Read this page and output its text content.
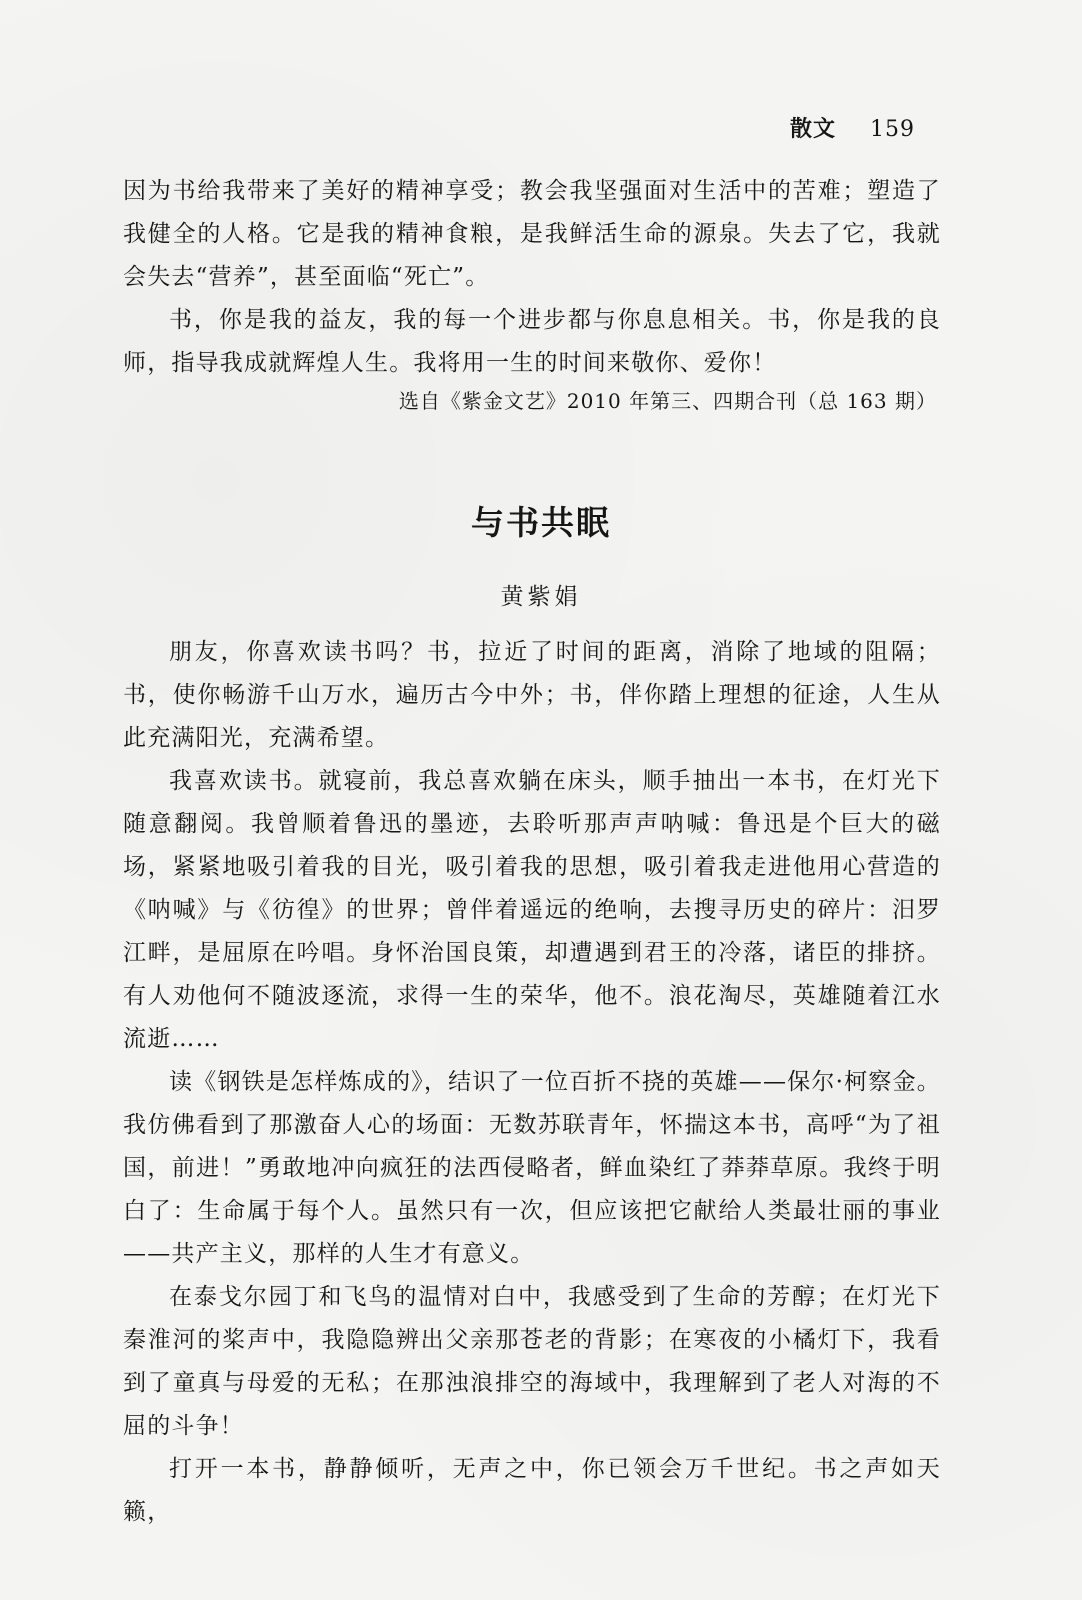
散文 159

因为书给我带来了美好的精神享受；教会我坚强面对生活中的苦难；塑造了我健全的人格。它是我的精神食粮，是我鲜活生命的源泉。失去了它，我就会失去“营养”，甚至面临“死亡”。

书，你是我的益友，我的每一个进步都与你息息相关。书，你是我的良师，指导我成就辉煌人生。我将用一生的时间来敬你、爱你！

选自《紫金文艺》2010 年第三、四期合刊（总 163 期）
与书共眠
黄紫娟

朋友，你喜欢读书吗？书，拉近了时间的距离，消除了地域的阻隔；书，使你畅游千山万水，遍历古今中外；书，伴你踏上理想的征途，人生从此充满阳光，充满希望。

我喜欢读书。就寝前，我总喜欢躺在床头，顺手抽出一本书，在灯光下随意翻阅。我曾顺着鲁迅的墨迹，去聆听那声声呐喊：鲁迅是个巨大的磁场，紧紧地吸引着我的目光，吸引着我的思想，吸引着我走进他用心营造的《呐喊》与《彷徨》的世界；曾伴着遥远的绝响，去搜寻历史的碎片：汨罗江畔，是屈原在吟唱。身怀治国良策，却遭遇到君王的冷落，诸臣的排挤。有人劝他何不随波逐流，求得一生的荣华，他不。浪花淘尽，英雄随着江水流逝……

读《钢铁是怎样炼成的》，结识了一位百折不挠的英雄——保尔·柯察金。我仿佛看到了那激奋人心的场面：无数苏联青年，怀揣这本书，高呼“为了祖国，前进！”勇敢地冲向疯狂的法西侵略者，鲜血染红了莽莽草原。我终于明白了：生命属于每个人。虽然只有一次，但应该把它献给人类最壮丽的事业——共产主义，那样的人生才有意义。

在泰戈尔园丁和飞鸟的温情对白中，我感受到了生命的芳醇；在灯光下秦淮河的桨声中，我隐隐辨出父亲那苍老的背影；在寒夜的小橘灯下，我看到了童真与母爱的无私；在那浊浪排空的海域中，我理解到了老人对海的不屈的斗争！

打开一本书，静静倾听，无声之中，你已领会万千世纪。书之声如天籁，
